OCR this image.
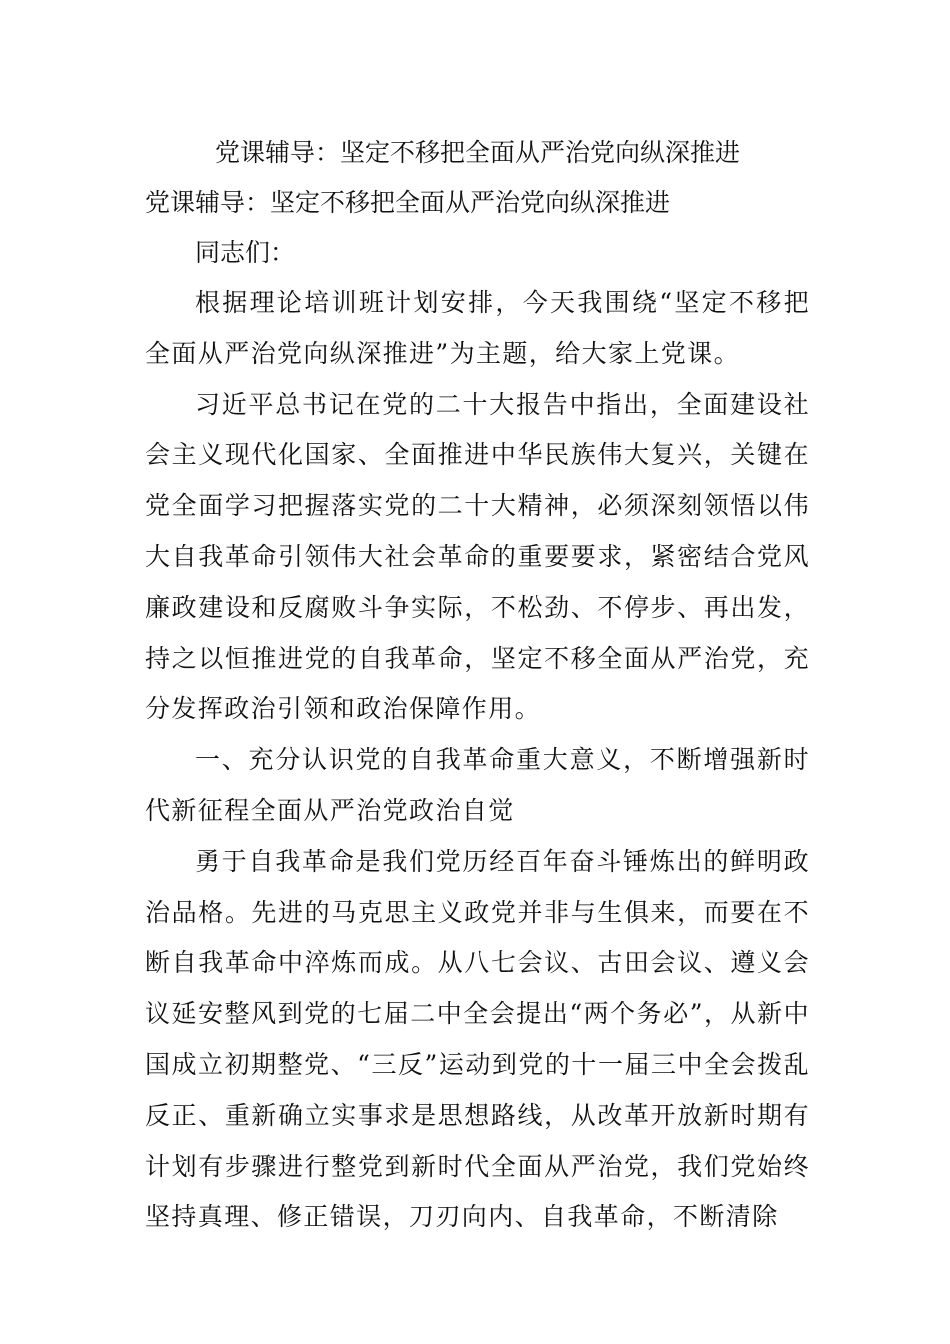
党课辅导：坚定不移把全面从严治党向纵深推进
党课辅导：坚定不移把全面从严治党向纵深推进

同志们：

根据理论培训班计划安排，今天我围绕“坚定不移把全面从严治党向纵深推进”为主题，给大家上党课。

习近平总书记在党的二十大报告中指出，全面建设社会主义现代化国家、全面推进中华民族伟大复兴，关键在党全面学习把握落实党的二十大精神，必须深刻领悟以伟大自我革命引领伟大社会革命的重要要求，紧密结合党风廉政建设和反腐败斗争实际，不松劲、不停步、再出发，持之以恒推进党的自我革命，坚定不移全面从严治党，充分发挥政治引领和政治保障作用。

一、充分认识党的自我革命重大意义，不断增强新时代新征程全面从严治党政治自觉

勇于自我革命是我们党历经百年奋斗锤炼出的鲜明政治品格。先进的马克思主义政党并非与生俱来，而要在不断自我革命中淬炼而成。从八七会议、古田会议、遵义会议延安整风到党的七届二中全会提出“两个务必”，从新中国成立初期整党、“三反”运动到党的十一届三中全会拨乱反正、重新确立实事求是思想路线，从改革开放新时期有计划有步骤进行整党到新时代全面从严治党，我们党始终坚持真理、修正错误，刀刃向内、自我革命，不断清除
